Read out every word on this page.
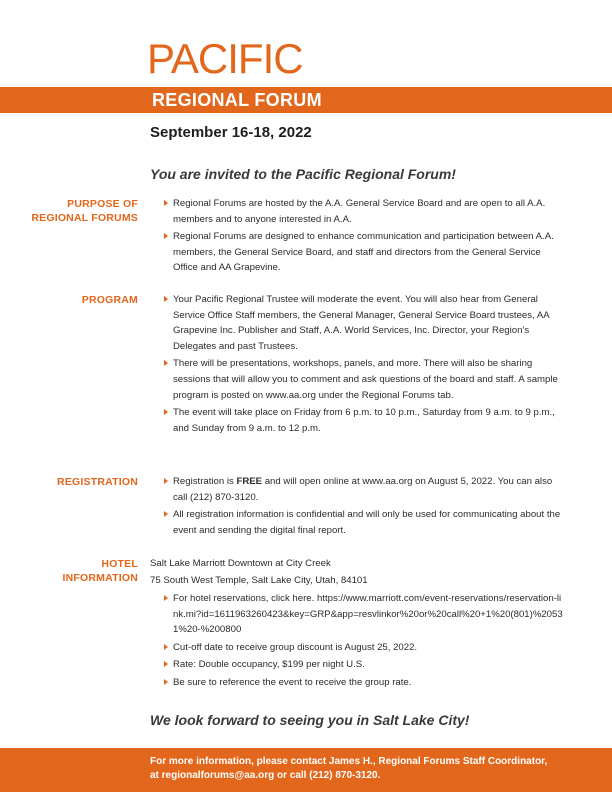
PACIFIC
REGIONAL FORUM
September 16-18, 2022
You are invited to the Pacific Regional Forum!
PURPOSE OF
REGIONAL FORUMS
Regional Forums are hosted by the A.A. General Service Board and are open to all A.A. members and to anyone interested in A.A.
Regional Forums are designed to enhance communication and participation between A.A. members, the General Service Board, and staff and directors from the General Service Office and AA Grapevine.
PROGRAM	Your Pacific Regional Trustee will moderate the event. You will also hear from General Service Office Staff members, the General Manager, General Service Board trustees, AA Grapevine Inc. Publisher and Staff, A.A. World Services, Inc. Director, your Region’s Delegates and past Trustees.
There will be presentations, workshops, panels, and more. There will also be sharing sessions that will allow you to comment and ask questions of the board and staff. A sample program is posted on www.aa.org under the Regional Forums tab.
The event will take place on Friday from 6 p.m. to 10 p.m., Saturday from 9 a.m. to 9 p.m., and Sunday from 9 a.m. to 12 p.m.
REGISTRATION	Registration is FREE and will open online at www.aa.org on August 5, 2022. You can also call (212) 870-3120.
All registration information is confidential and will only be used for communicating about the event and sending the digital final report.
HOTEL
INFORMATION
Salt Lake Marriott Downtown at City Creek
75 South West Temple, Salt Lake City, Utah, 84101
For hotel reservations, click here. https://www.marriott.com/event-reservations/reservation-link.mi?id=1611963260423&key=GRP&app=resvlinkor%20or%20call%20+1%20(801)%20531%20-%200800
Cut-off date to receive group discount is August 25, 2022.
Rate: Double occupancy, $199 per night U.S.
Be sure to reference the event to receive the group rate.
We look forward to seeing you in Salt Lake City!
For more information, please contact James H., Regional Forums Staff Coordinator,
at regionalforums@aa.org or call (212) 870-3120.
